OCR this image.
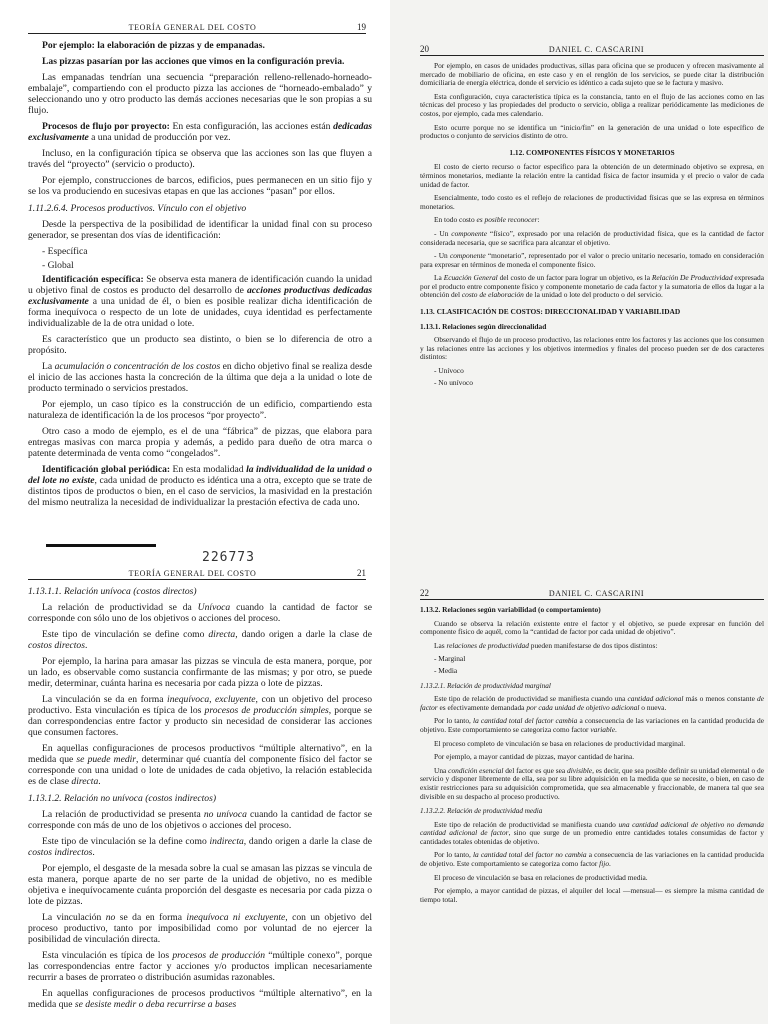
TEORÍA GENERAL DEL COSTO	19

Por ejemplo: la elaboración de pizzas y de empanadas.

Las pizzas pasarían por las acciones que vimos en la configuración previa.

Las empanadas tendrían una secuencia “preparación relleno-rellenado-horneado-embalaje”, compartiendo con el producto pizza las acciones de “horneado-embalado” y seleccionando uno y otro producto las demás acciones necesarias que le son propias a su flujo.

Procesos de flujo por proyecto: En esta configuración, las acciones están dedicadas exclusivamente a una unidad de producción por vez.

Incluso, en la configuración típica se observa que las acciones son las que fluyen a través del “proyecto” (servicio o producto).

Por ejemplo, construcciones de barcos, edificios, pues permanecen en un sitio fijo y se los va produciendo en sucesivas etapas en que las acciones “pasan” por ellos.

1.11.2.6.4. Procesos productivos. Vínculo con el objetivo

Desde la perspectiva de la posibilidad de identificar la unidad final con su proceso generador, se presentan dos vías de identificación:

- Específica

- Global

Identificación específica: Se observa esta manera de identificación cuando la unidad u objetivo final de costos es producto del desarrollo de acciones productivas dedicadas exclusivamente a una unidad de él, o bien es posible realizar dicha identificación de forma inequívoca o respecto de un lote de unidades, cuya identidad es perfectamente individualizable de la de otra unidad o lote.

Es característico que un producto sea distinto, o bien se lo diferencia de otro a propósito.

La acumulación o concentración de los costos en dicho objetivo final se realiza desde el inicio de las acciones hasta la concreción de la última que deja a la unidad o lote de producto terminado o servicios prestados.

Por ejemplo, un caso típico es la construcción de un edificio, compartiendo esta naturaleza de identificación la de los procesos “por proyecto”.

Otro caso a modo de ejemplo, es el de una “fábrica” de pizzas, que elabora para entregas masivas con marca propia y además, a pedido para dueño de otra marca o patente determinada de venta como “congelados”.

Identificación global periódica: En esta modalidad la individualidad de la unidad o del lote no existe, cada unidad de producto es idéntica una a otra, excepto que se trate de distintos tipos de productos o bien, en el caso de servicios, la masividad en la prestación del mismo neutraliza la necesidad de individualizar la prestación efectiva de cada uno.

20	DANIEL C. CASCARINI

Por ejemplo, en casos de unidades productivas, sillas para oficina que se producen y ofrecen masivamente al mercado de mobiliario de oficina, en este caso y en el renglón de los servicios, se puede citar la distribución domiciliaria de energía eléctrica, donde el servicio es idéntico a cada sujeto que se le factura y masivo.

Esta configuración, cuya característica típica es la constancia, tanto en el flujo de las acciones como en las técnicas del proceso y las propiedades del producto o servicio, obliga a realizar periódicamente las mediciones de costos, por ejemplo, cada mes calendario.

Esto ocurre porque no se identifica un “inicio/fin” en la generación de una unidad o lote específico de productos o conjunto de servicios distinto de otro.

1.12. COMPONENTES FÍSICOS Y MONETARIOS

El costo de cierto recurso o factor específico para la obtención de un determinado objetivo se expresa, en términos monetarios, mediante la relación entre la cantidad física de factor insumida y el precio o valor de cada unidad de factor.

Esencialmente, todo costo es el reflejo de relaciones de productividad físicas que se las expresa en términos monetarios.

En todo costo es posible reconocer:

- Un componente “físico”, expresado por una relación de productividad física, que es la cantidad de factor considerada necesaria, que se sacrifica para alcanzar el objetivo.

- Un componente “monetario”, representado por el valor o precio unitario necesario, tomado en consideración para expresar en términos de moneda el componente físico.

La Ecuación General del costo de un factor para lograr un objetivo, es la Relación De Productividad expresada por el producto entre componente físico y componente monetario de cada factor y la sumatoria de ellos da lugar a la obtención del costo de elaboración de la unidad o lote del producto o del servicio.

1.13. CLASIFICACIÓN DE COSTOS: DIRECCIONALIDAD Y VARIABILIDAD

1.13.1. Relaciones según direccionalidad

Observando el flujo de un proceso productivo, las relaciones entre los factores y las acciones que los consumen y las relaciones entre las acciones y los objetivos intermedios y finales del proceso pueden ser de dos caracteres distintos:

- Unívoco

- No unívoco

226773
TEORÍA GENERAL DEL COSTO	21

1.13.1.1. Relación unívoca (costos directos)

La relación de productividad se da Unívoca cuando la cantidad de factor se corresponde con sólo uno de los objetivos o acciones del proceso.

Este tipo de vinculación se define como directa, dando origen a darle la clase de costos directos.

Por ejemplo, la harina para amasar las pizzas se vincula de esta manera, porque, por un lado, es observable como sustancia confirmante de las mismas; y por otro, se puede medir, determinar, cuánta harina es necesaria por cada pizza o lote de pizzas.

La vinculación se da en forma inequívoca, excluyente, con un objetivo del proceso productivo. Esta vinculación es típica de los procesos de producción simples, porque se dan correspondencias entre factor y producto sin necesidad de considerar las acciones que consumen factores.

En aquellas configuraciones de procesos productivos “múltiple alternativo”, en la medida que se puede medir, determinar qué cuantía del componente físico del factor se corresponde con una unidad o lote de unidades de cada objetivo, la relación establecida es de clase directa.

1.13.1.2. Relación no unívoca (costos indirectos)

La relación de productividad se presenta no unívoca cuando la cantidad de factor se corresponde con más de uno de los objetivos o acciones del proceso.

Este tipo de vinculación se la define como indirecta, dando origen a darle la clase de costos indirectos.

Por ejemplo, el desgaste de la mesada sobre la cual se amasan las pizzas se vincula de esta manera, porque aparte de no ser parte de la unidad de objetivo, no es medible objetiva e inequívocamente cuánta proporción del desgaste es necesaria por cada pizza o lote de pizzas.

La vinculación no se da en forma inequívoca ni excluyente, con un objetivo del proceso productivo, tanto por imposibilidad como por voluntad de no ejercer la posibilidad de vinculación directa.

Esta vinculación es típica de los procesos de producción “múltiple conexo”, porque las correspondencias entre factor y acciones y/o productos implican necesariamente recurrir a bases de prorrateo o distribución asumidas razonables.

En aquellas configuraciones de procesos productivos “múltiple alternativo”, en la medida que se desiste medir o deba recurrirse a bases

22	DANIEL C. CASCARINI

1.13.2. Relaciones según variabilidad (o comportamiento)

Cuando se observa la relación existente entre el factor y el objetivo, se puede expresar en función del componente físico de aquél, como la “cantidad de factor por cada unidad de objetivo”.

Las relaciones de productividad pueden manifestarse de dos tipos distintos:

- Marginal

- Media

1.13.2.1. Relación de productividad marginal

Este tipo de relación de productividad se manifiesta cuando una cantidad adicional más o menos constante de factor es efectivamente demandada por cada unidad de objetivo adicional o nueva.

Por lo tanto, la cantidad total del factor cambia a consecuencia de las variaciones en la cantidad producida de objetivo. Este comportamiento se categoriza como factor variable.

El proceso completo de vinculación se basa en relaciones de productividad marginal.

Por ejemplo, a mayor cantidad de pizzas, mayor cantidad de harina.

Una condición esencial del factor es que sea divisible, es decir, que sea posible definir su unidad elemental o de servicio y disponer libremente de ella, sea por su libre adquisición en la medida que se necesite, o bien, en caso de existir restricciones para su adquisición comprometida, que sea almacenable y fraccionable, de manera tal que sea divisible en su despacho al proceso productivo.

1.13.2.2. Relación de productividad media

Este tipo de relación de productividad se manifiesta cuando una cantidad adicional de objetivo no demanda cantidad adicional de factor, sino que surge de un promedio entre cantidades totales consumidas de factor y cantidades totales obtenidas de objetivo.

Por lo tanto, la cantidad total del factor no cambia a consecuencia de las variaciones en la cantidad producida de objetivo. Este comportamiento se categoriza como factor fijo.

El proceso de vinculación se basa en relaciones de productividad media.

Por ejemplo, a mayor cantidad de pizzas, el alquiler del local —mensual— es siempre la misma cantidad de tiempo total.
